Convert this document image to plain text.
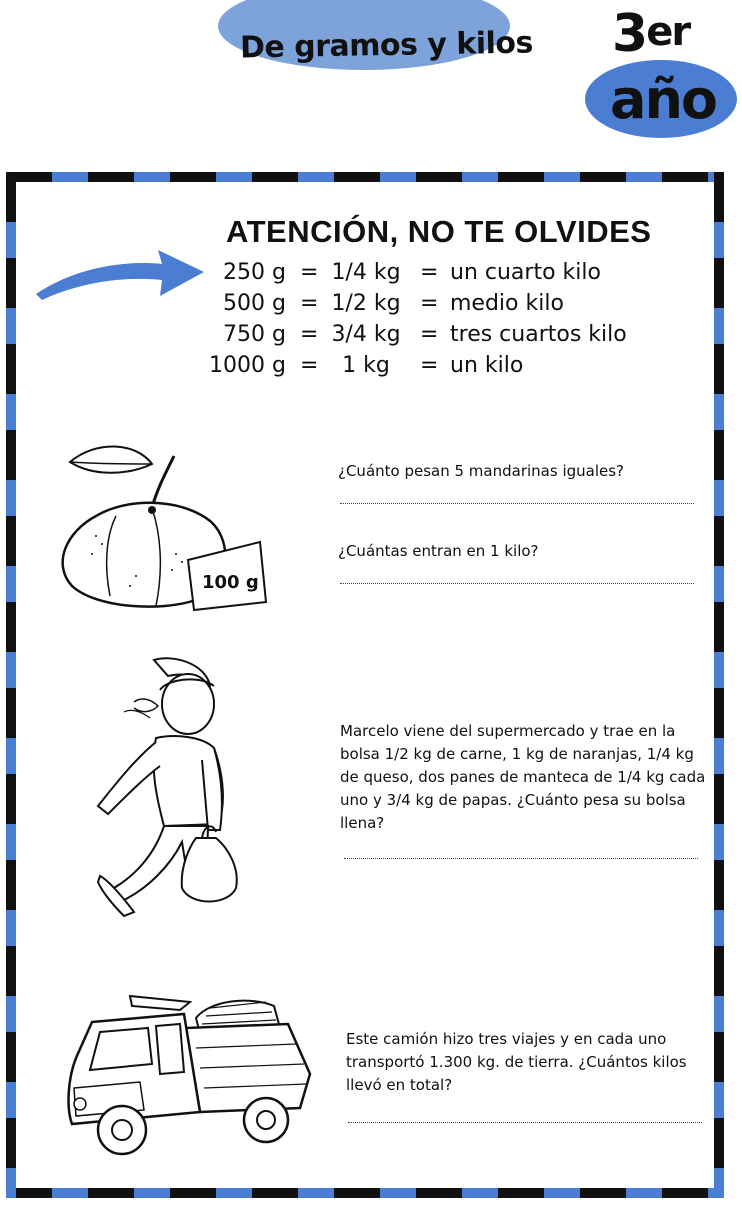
De gramos y kilos 3er
año
ATENCIÓN, NO TE OLVIDES
250 g = 1/4 kg = un cuarto kilo
500 g = 1/2 kg = medio kilo
750 g = 3/4 kg = tres cuartos kilo
1000 g =	1 kg	= un kilo
100 g
¿Cuánto pesan 5 mandarinas iguales?
¿Cuántas entran en 1 kilo?
Marcelo viene del supermercado y trae en la bolsa 1/2 kg de carne, 1 kg de naranjas, 1/4 kg de queso, dos panes de manteca de 1/4 kg cada uno y 3/4 kg de papas. ¿Cuánto pesa su bolsa llena?
Este camión hizo tres viajes y en cada uno transportó 1.300 kg. de tierra. ¿Cuántos kilos llevó en total?
